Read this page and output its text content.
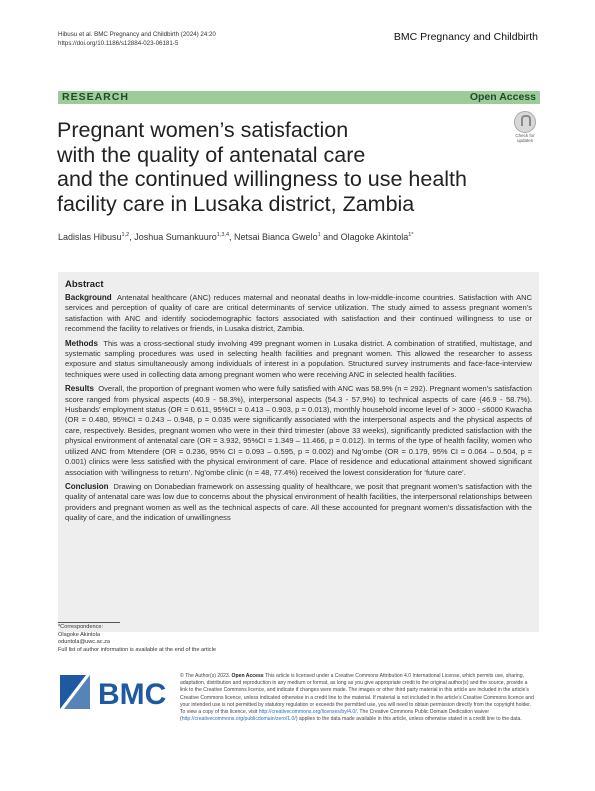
Hibusu et al. BMC Pregnancy and Childbirth (2024) 24:20
https://doi.org/10.1186/s12884-023-06181-5
BMC Pregnancy and Childbirth
RESEARCH	Open Access
Pregnant women’s satisfaction
with the quality of antenatal care
and the continued willingness to use health
facility care in Lusaka district, Zambia
Check for updates
Ladislas Hibusu$^{1,2}$, Joshua Sumankuuro$^{1,3,4}$, Netsai Bianca Gwelo$^1$ and Olagoke Akintola$^{1*}$
Abstract

Background Antenatal healthcare (ANC) reduces maternal and neonatal deaths in low-middle-income countries. Satisfaction with ANC services and perception of quality of care are critical determinants of service utilization. The study aimed to assess pregnant women’s satisfaction with ANC and identify sociodemographic factors associated with satisfaction and their continued willingness to use or recommend the facility to relatives or friends, in Lusaka district, Zambia.

Methods This was a cross-sectional study involving 499 pregnant women in Lusaka district. A combination of stratified, multistage, and systematic sampling procedures was used in selecting health facilities and pregnant women. This allowed the researcher to assess exposure and status simultaneously among individuals of interest in a population. Structured survey instruments and face-face-interview techniques were used in collecting data among pregnant women who were receiving ANC in selected health facilities.

Results Overall, the proportion of pregnant women who were fully satisfied with ANC was 58.9% (n = 292). Pregnant women’s satisfaction score ranged from physical aspects (40.9 - 58.3%), interpersonal aspects (54.3 - 57.9%) to technical aspects of care (46.9 - 58.7%). Husbands’ employment status (OR = 0.611, 95%CI = 0.413 – 0.903, p = 0.013), monthly household income level of > 3000 - ≤6000 Kwacha (OR = 0.480, 95%CI = 0.243 – 0.948, p = 0.035 were significantly associated with the interpersonal aspects and the physical aspects of care, respectively. Besides, pregnant women who were in their third trimester (above 33 weeks), significantly predicted satisfaction with the physical environment of antenatal care (OR = 3.932, 95%CI = 1.349 – 11.466, p = 0.012). In terms of the type of health facility, women who utilized ANC from Mtendere (OR = 0.236, 95% CI = 0.093 – 0.595, p = 0.002) and Ng’ombe (OR = 0.179, 95% CI = 0.064 – 0.504, p = 0.001) clinics were less satisfied with the physical environment of care. Place of residence and educational attainment showed significant association with ‘willingness to return’. Ng’ombe clinic (n = 48, 77.4%) received the lowest consideration for ‘future care’.

Conclusion Drawing on Donabedian framework on assessing quality of healthcare, we posit that pregnant women’s satisfaction with the quality of antenatal care was low due to concerns about the physical environment of health facilities, the interpersonal relationships between providers and pregnant women as well as the technical aspects of care. All these accounted for pregnant women’s dissatisfaction with the quality of care, and the indication of unwillingness

*Correspondence:
Olagoke Akintola
oduntola@uwc.ac.za
Full list of author information is available at the end of the article
BMC
© The Author(s) 2023. Open Access This article is licensed under a Creative Commons Attribution 4.0 International License, which permits use, sharing, adaptation, distribution and reproduction in any medium or format, as long as you give appropriate credit to the original author(s) and the source, provide a link to the Creative Commons licence, and indicate if changes were made. The images or other third party material in this article are included in the article’s Creative Commons licence, unless indicated otherwise in a credit line to the material. If material is not included in the article’s Creative Commons licence and your intended use is not permitted by statutory regulation or exceeds the permitted use, you will need to obtain permission directly from the copyright holder. To view a copy of this licence, visit http://creativecommons.org/licenses/by/4.0/. The Creative Commons Public Domain Dedication waiver (http://creativecommons.org/publicdomain/zero/1.0/) applies to the data made available in this article, unless otherwise stated in a credit line to the data.
